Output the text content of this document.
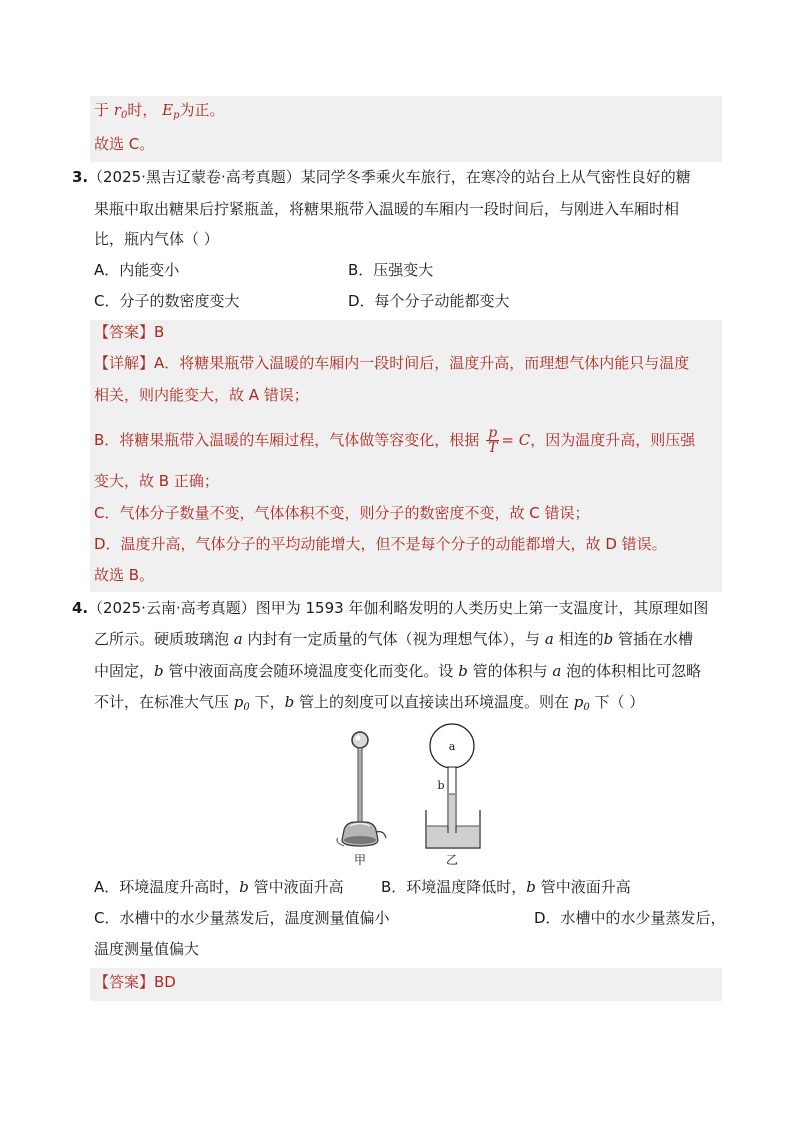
于 $r_0$时， $E_p$为正。
故选 C。
3. （2025·黑吉辽蒙卷·高考真题）某同学冬季乘火车旅行，在寒冷的站台上从气密性良好的糖
果瓶中取出糖果后拧紧瓶盖，将糖果瓶带入温暖的车厢内一段时间后，与刚进入车厢时相
比，瓶内气体（ ）
A．内能变小	B．压强变大
C．分子的数密度变大	D．每个分子动能都变大
【答案】B
【详解】A．将糖果瓶带入温暖的车厢内一段时间后，温度升高，而理想气体内能只与温度
相关，则内能变大，故 A 错误；
B．将糖果瓶带入温暖的车厢过程，气体做等容变化，根据 $\frac{p}{T} = C$，因为温度升高，则压强
变大，故 B 正确；
C．气体分子数量不变，气体体积不变，则分子的数密度不变，故 C 错误；
D．温度升高，气体分子的平均动能增大，但不是每个分子的动能都增大，故 D 错误。
故选 B。
4. （2025·云南·高考真题）图甲为 1593 年伽利略发明的人类历史上第一支温度计，其原理如图
乙所示。硬质玻璃泡 a 内封有一定质量的气体（视为理想气体），与 a 相连的b 管插在水槽
中固定，b 管中液面高度会随环境温度变化而变化。设 b 管的体积与 a 泡的体积相比可忽略
不计，在标准大气压 $p_0$ 下，b 管上的刻度可以直接读出环境温度。则在 $p_0$ 下（ ）
甲
a
b
乙
A．环境温度升高时，b 管中液面升高 B．环境温度降低时，b 管中液面升高
C．水槽中的水少量蒸发后，温度测量值偏小	D．水槽中的水少量蒸发后，
温度测量值偏大
【答案】BD
